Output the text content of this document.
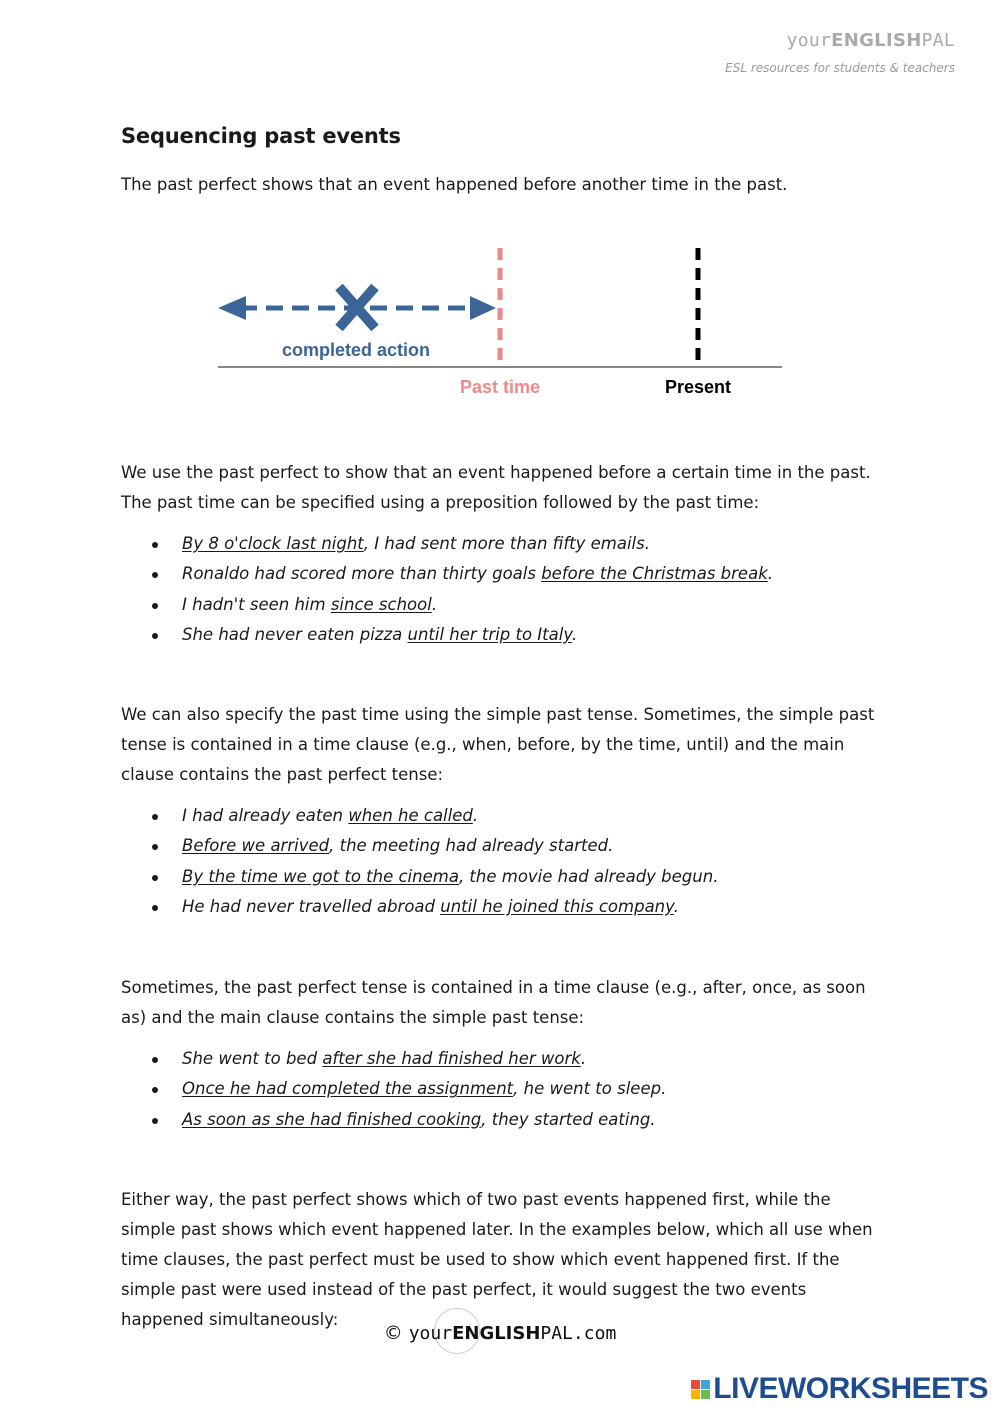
yourENGLISHPAL
ESL resources for students & teachers
Sequencing past events

The past perfect shows that an event happened before another time in the past.

completed action
Past time	Present

We use the past perfect to show that an event happened before a certain time in the past. The past time can be specified using a preposition followed by the past time:

By 8 o'clock last night, I had sent more than fifty emails.
Ronaldo had scored more than thirty goals before the Christmas break.
I hadn't seen him since school.
She had never eaten pizza until her trip to Italy.

We can also specify the past time using the simple past tense. Sometimes, the simple past tense is contained in a time clause (e.g., when, before, by the time, until) and the main clause contains the past perfect tense:

I had already eaten when he called.
Before we arrived, the meeting had already started.
By the time we got to the cinema, the movie had already begun.
He had never travelled abroad until he joined this company.

Sometimes, the past perfect tense is contained in a time clause (e.g., after, once, as soon as) and the main clause contains the simple past tense:

She went to bed after she had finished her work.
Once he had completed the assignment, he went to sleep.
As soon as she had finished cooking, they started eating.

Either way, the past perfect shows which of two past events happened first, while the simple past shows which event happened later. In the examples below, which all use when time clauses, the past perfect must be used to show which event happened first. If the simple past were used instead of the past perfect, it would suggest the two events happened simultaneously:

© yourENGLISHPAL.com
LIVEWORKSHEETS
